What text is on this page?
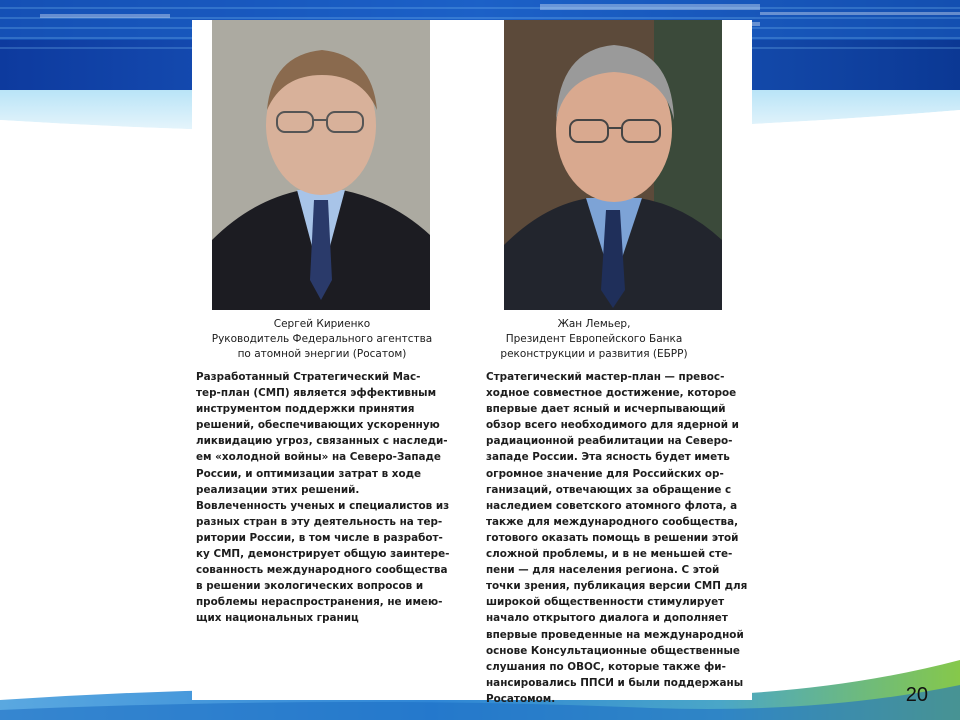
20
Сергей Кириенко
Руководитель Федерального агентства
по атомной энергии (Росатом)
Жан Лемьер,
Президент Европейского Банка
реконструкции и развития (ЕБРР)
Разработанный Стратегический Мас-
тер-план (СМП) является эффективным
инструментом поддержки принятия
решений, обеспечивающих ускоренную
ликвидацию угроз, связанных с наследи-
ем «холодной войны» на Северо-Западе
России, и оптимизации затрат в ходе
реализации этих решений.
Вовлеченность ученых и специалистов из
разных стран в эту деятельность на тер-
ритории России, в том числе в разработ-
ку СМП, демонстрирует общую заинтере-
сованность международного сообщества
в решении экологических вопросов и
проблемы нераспространения, не имею-
щих национальных границ
Стратегический мастер-план — превос-
ходное совместное достижение, которое
впервые дает ясный и исчерпывающий
обзор всего необходимого для ядерной и
радиационной реабилитации на Северо-
западе России. Эта ясность будет иметь
огромное значение для Российских ор-
ганизаций, отвечающих за обращение с
наследием советского атомного флота, а
также для международного сообщества,
готового оказать помощь в решении этой
сложной проблемы, и в не меньшей сте-
пени — для населения региона. С этой
точки зрения, публикация версии СМП для
широкой общественности стимулирует
начало открытого диалога и дополняет
впервые проведенные на международной
основе Консультационные общественные
слушания по ОВОС, которые также фи-
нансировались ППСИ и были поддержаны
Росатомом.
